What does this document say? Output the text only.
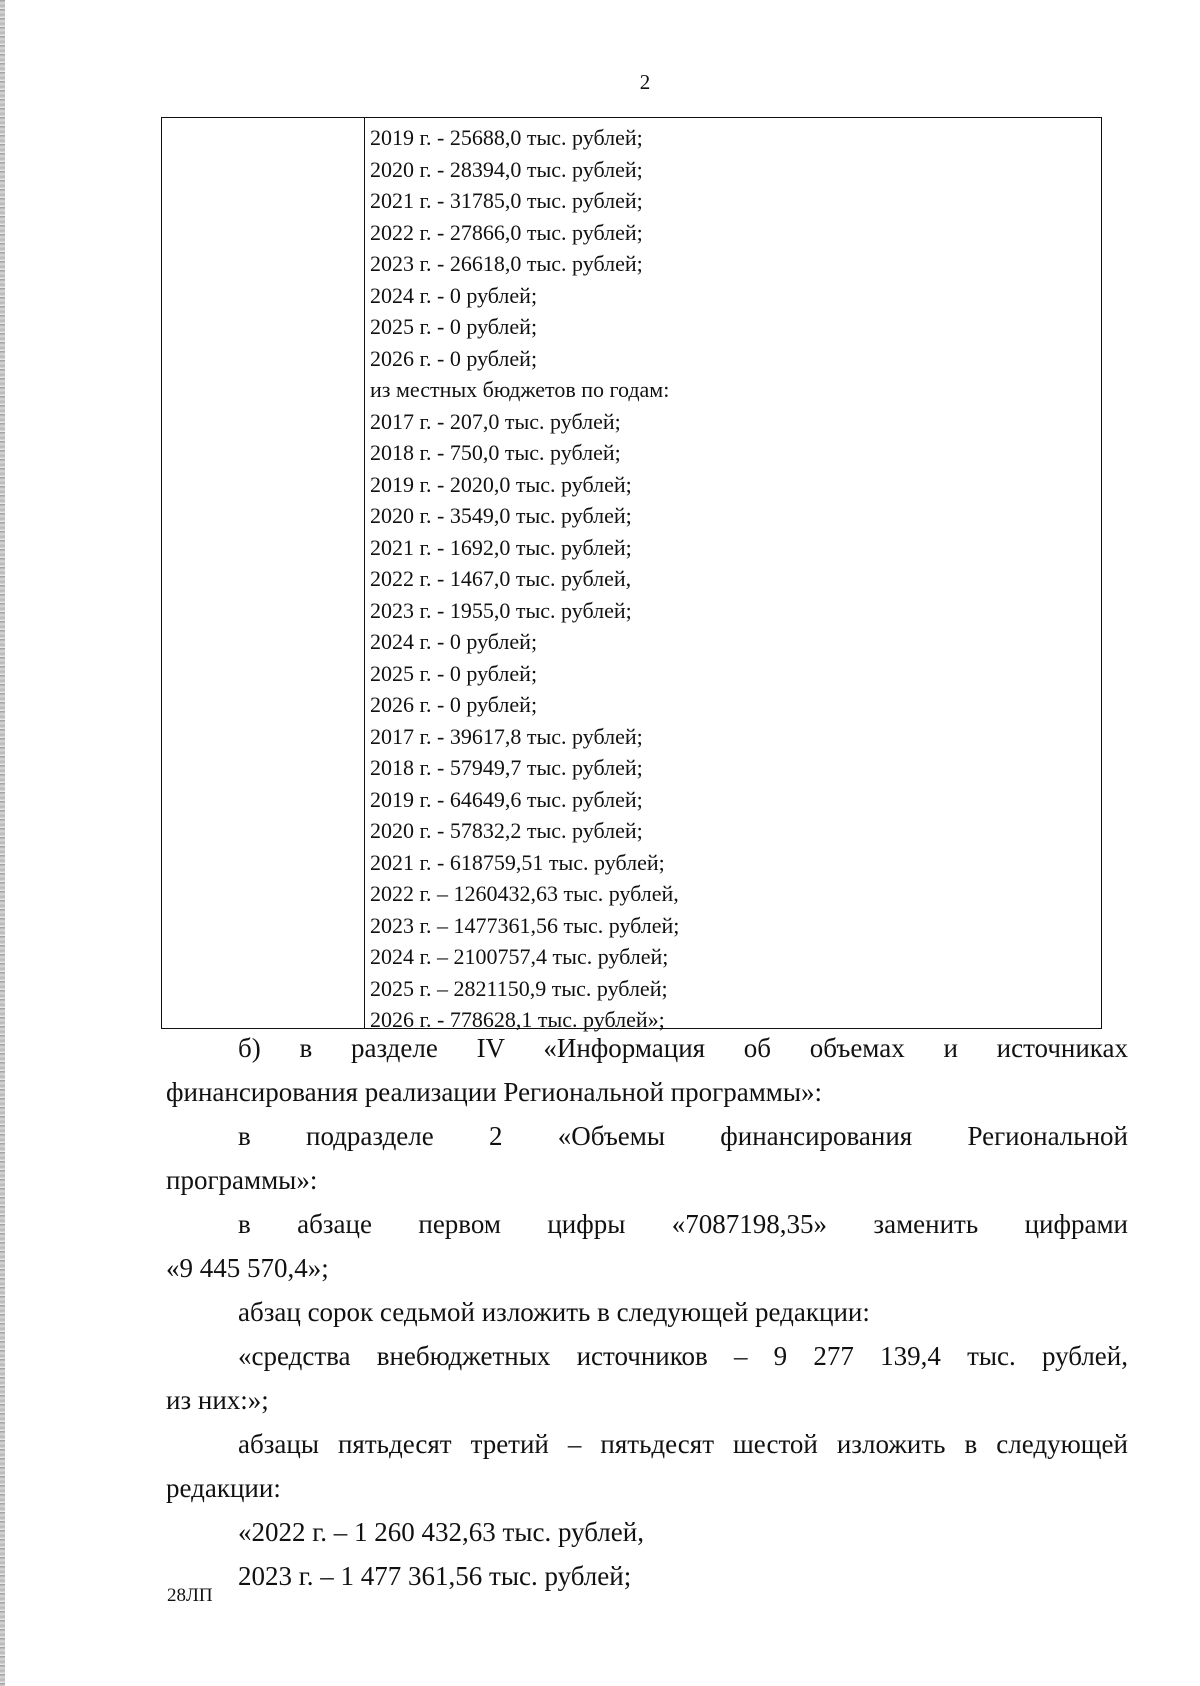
2
2019 г. - 25688,0 тыс. рублей;
2020 г. - 28394,0 тыс. рублей;
2021 г. - 31785,0 тыс. рублей;
2022 г. - 27866,0 тыс. рублей;
2023 г. - 26618,0 тыс. рублей;
2024 г. - 0 рублей;
2025 г. - 0 рублей;
2026 г. - 0 рублей;
из местных бюджетов по годам:
2017 г. - 207,0 тыс. рублей;
2018 г. - 750,0 тыс. рублей;
2019 г. - 2020,0 тыс. рублей;
2020 г. - 3549,0 тыс. рублей;
2021 г. - 1692,0 тыс. рублей;
2022 г. - 1467,0 тыс. рублей,
2023 г. - 1955,0 тыс. рублей;
2024 г. - 0 рублей;
2025 г. - 0 рублей;
2026 г. - 0 рублей;
2017 г. - 39617,8 тыс. рублей;
2018 г. - 57949,7 тыс. рублей;
2019 г. - 64649,6 тыс. рублей;
2020 г. - 57832,2 тыс. рублей;
2021 г. - 618759,51 тыс. рублей;
2022 г. – 1260432,63 тыс. рублей,
2023 г. – 1477361,56 тыс. рублей;
2024 г. – 2100757,4 тыс. рублей;
2025 г. – 2821150,9 тыс. рублей;
2026 г. - 778628,1 тыс. рублей»;

б) в разделе IV «Информация об объемах и источниках

финансирования реализации Региональной программы»:

в подразделе 2 «Объемы финансирования Региональной

программы»:

в абзаце первом цифры «7087198,35» заменить цифрами

«9 445 570,4»;

абзац сорок седьмой изложить в следующей редакции:

«средства внебюджетных источников – 9 277 139,4 тыс. рублей,

из них:»;

абзацы пятьдесят третий – пятьдесят шестой изложить в следующей

редакции:

«2022 г. – 1 260 432,63 тыс. рублей,

2023 г. – 1 477 361,56 тыс. рублей;

28ЛП
